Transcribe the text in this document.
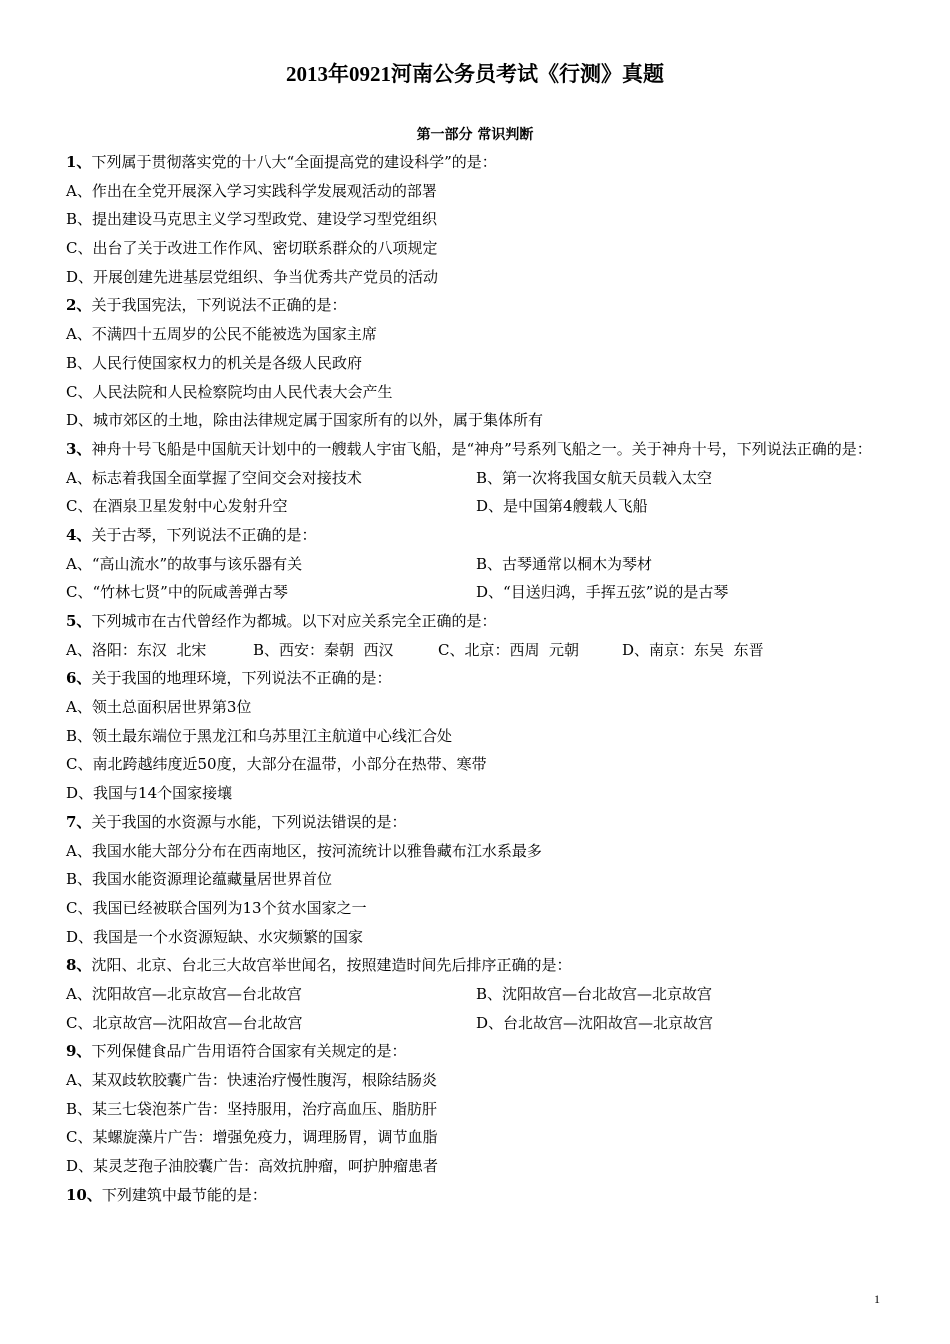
2013年0921河南公务员考试《行测》真题
第一部分 常识判断
1、下列属于贯彻落实党的十八大“全面提高党的建设科学”的是：
A、作出在全党开展深入学习实践科学发展观活动的部署
B、提出建设马克思主义学习型政党、建设学习型党组织
C、出台了关于改进工作作风、密切联系群众的八项规定
D、开展创建先进基层党组织、争当优秀共产党员的活动
2、关于我国宪法，下列说法不正确的是：
A、不满四十五周岁的公民不能被选为国家主席
B、人民行使国家权力的机关是各级人民政府
C、人民法院和人民检察院均由人民代表大会产生
D、城市郊区的土地，除由法律规定属于国家所有的以外，属于集体所有
3、神舟十号飞船是中国航天计划中的一艘载人宇宙飞船，是“神舟”号系列飞船之一。关于神舟十号，下列说法正确的是：
A、标志着我国全面掌握了空间交会对接技术	B、第一次将我国女航天员载入太空
C、在酒泉卫星发射中心发射升空	D、是中国第4艘载人飞船
4、关于古琴，下列说法不正确的是：
A、“高山流水”的故事与该乐器有关	B、古琴通常以桐木为琴材
C、“竹林七贤”中的阮咸善弹古琴	D、“目送归鸿，手挥五弦”说的是古琴
5、下列城市在古代曾经作为都城。以下对应关系完全正确的是：
A、洛阳：东汉  北宋	B、西安：秦朝  西汉	C、北京：西周  元朝	D、南京：东吴  东晋
6、关于我国的地理环境，下列说法不正确的是：
A、领土总面积居世界第3位
B、领土最东端位于黑龙江和乌苏里江主航道中心线汇合处
C、南北跨越纬度近50度，大部分在温带，小部分在热带、寒带
D、我国与14个国家接壤
7、关于我国的水资源与水能，下列说法错误的是：
A、我国水能大部分分布在西南地区，按河流统计以雅鲁藏布江水系最多
B、我国水能资源理论蕴藏量居世界首位
C、我国已经被联合国列为13个贫水国家之一
D、我国是一个水资源短缺、水灾频繁的国家
8、沈阳、北京、台北三大故宫举世闻名，按照建造时间先后排序正确的是：
A、沈阳故宫—北京故宫—台北故宫	B、沈阳故宫—台北故宫—北京故宫
C、北京故宫—沈阳故宫—台北故宫	D、台北故宫—沈阳故宫—北京故宫
9、下列保健食品广告用语符合国家有关规定的是：
A、某双歧软胶囊广告：快速治疗慢性腹泻，根除结肠炎
B、某三七袋泡茶广告：坚持服用，治疗高血压、脂肪肝
C、某螺旋藻片广告：增强免疫力，调理肠胃，调节血脂
D、某灵芝孢子油胶囊广告：高效抗肿瘤，呵护肿瘤患者
10、下列建筑中最节能的是：
1
